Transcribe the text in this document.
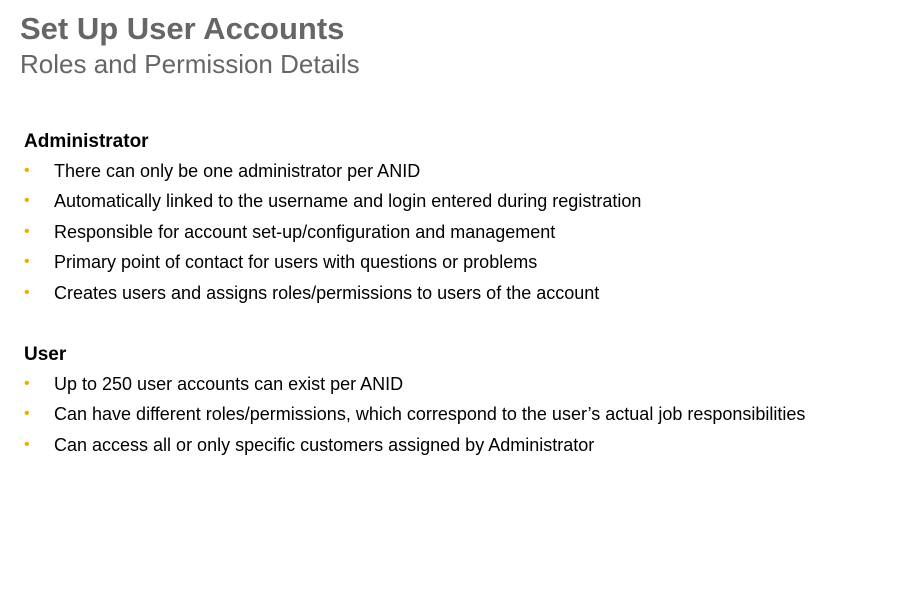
Set Up User Accounts
Roles and Permission Details
Administrator
• There can only be one administrator per ANID
• Automatically linked to the username and login entered during registration
• Responsible for account set-up/configuration and management
• Primary point of contact for users with questions or problems
• Creates users and assigns roles/permissions to users of the account
User
• Up to 250 user accounts can exist per ANID
• Can have different roles/permissions, which correspond to the user’s actual job responsibilities
• Can access all or only specific customers assigned by Administrator
